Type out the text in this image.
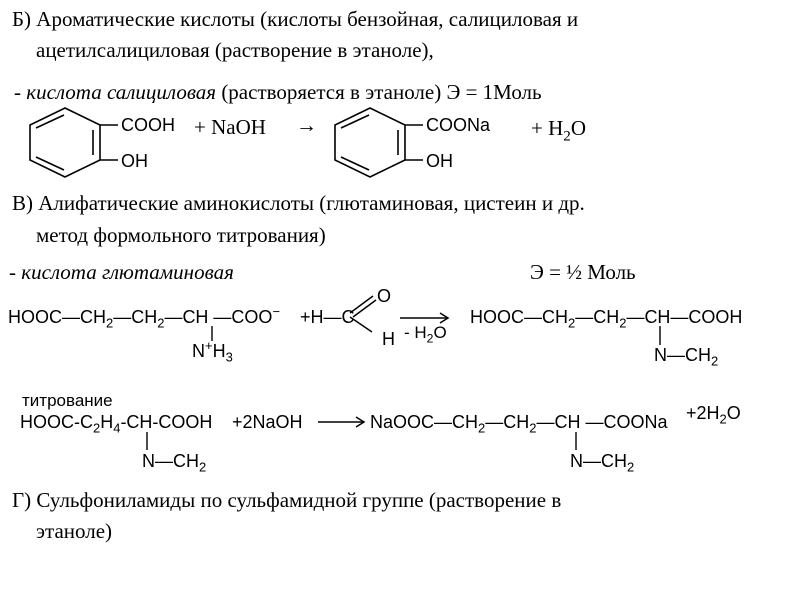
Б) Ароматические кислоты (кислоты бензойная, салициловая и
ацетилсалициловая (растворение в этаноле),
- кислота салициловая (растворяется в этаноле) Э = 1Моль
COOH
OH
+ NaOH →	COONa
OH
+ $H_2O$
В) Алифатические аминокислоты (глютаминовая, цистеин и др.
метод формольного титрования)
- кислота глютаминовая	Э = ½ Моль
$HOOC—CH_2—CH_2—CH$ —COO− +H—C
O
H
$N^+H_3$
- $H_2O$
$HOOC—CH_2—CH_2—CH—COOH$
$N—CH_2$
титрование
HOOC-$C_2H_4-CH$-COOH +2NaOH
$N—CH_2$
$NaOOC—CH_2—CH_2—CH$ —COONa $+2H_2O$
$N—CH_2$
Г) Сульфониламиды по сульфамидной группе (растворение в
этаноле)
